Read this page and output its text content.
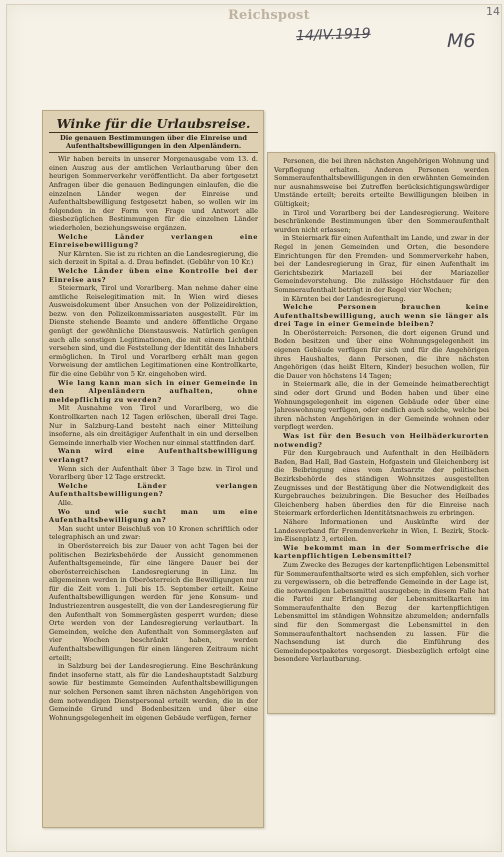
Reichspost	14
14/IV.1919	M6
Winke für die Urlaubsreise.
Die genauen Bestimmungen über die Einreise und Aufenthaltsbewilligungen in den Alpenländern.

Wir haben bereits in unserer Morgenausgabe vom 13. d. einen Auszug aus der amtlichen Verlautbarung über den heurigen Sommerverkehr veröffentlicht. Da aber fortgesetzt Anfragen über die genauen Bedingungen einlaufen, die die einzelnen Länder wegen der Einreise und Aufenthaltsbewilligung festgesetzt haben, so wollen wir im folgenden in der Form von Frage und Antwort alle diesbezüglichen Bestimmungen für die einzelnen Länder wiederholen, beziehungsweise ergänzen.

Welche Länder verlangen eine Einreisebewilligung?

Nur Kärnten. Sie ist zu richten an die Landesregierung, die sich derzeit in Spital a. d. Drau befindet. (Gebühr von 10 Kr.)

Welche Länder üben eine Kontrolle bei der Einreise aus?

Steiermark, Tirol und Vorarlberg. Man nehme daher eine amtliche Reiselegitimation mit. In Wien wird dieses Ausweisdokument über Ansuchen von der Polizeidirektion, bezw. von den Polizeikommissariaten ausgestellt. Für im Dienste stehende Beamte und andere öffentliche Organe genügt der gewöhnliche Dienstausweis. Natürlich genügen auch alle sonstigen Legitimationen, die mit einem Lichtbild versehen sind, und die Feststellung der Identität des Inhabers ermöglichen. In Tirol und Vorarlberg erhält man gegen Vorweisung der amtlichen Legitimationen eine Kontrollkarte, für die eine Gebühr von 5 Kr. eingehoben wird.

Wie lang kann man sich in einer Gemeinde in den Alpenländern aufhalten, ohne meldepflichtig zu werden?

Mit Ausnahme von Tirol und Vorarlberg, wo die Kontrollkarten nach 12 Tagen erlöschen, überall drei Tage. Nur in Salzburg-Land besteht nach einer Mitteilung insoferne, als ein dreitägiger Aufenthalt in ein und derselben Gemeinde innerhalb vier Wochen nur einmal stattfinden darf.

Wann wird eine Aufenthaltsbewilligung verlangt?

Wenn sich der Aufenthalt über 3 Tage bzw. in Tirol und Vorarlberg über 12 Tage erstreckt.

Welche Länder verlangen Aufenthaltsbewilligungen?

Alle.

Wo und wie sucht man um eine Aufenthaltsbewilligung an?

Man sucht unter Beischluß von 10 Kronen schriftlich oder telegraphisch an und zwar:

in Oberösterreich bis zur Dauer von acht Tagen bei der politischen Bezirksbehörde der Aussicht genommenen Aufenthaltsgemeinde, für eine längere Dauer bei der oberösterreichischen Landesregierung in Linz. Im allgemeinen werden in Oberösterreich die Bewilligungen nur für die Zeit vom 1. Juli bis 15. September erteilt. Keine Aufenthaltsbewilligungen werden für jene Konsum- und Industriezentren ausgestellt, die von der Landesregierung für den Aufenthalt von Sommergästen gesperrt wurden; diese Orte werden von der Landesregierung verlautbart. In Gemeinden, welche den Aufenthalt von Sommergästen auf vier Wochen beschränkt haben, werden Aufenthaltsbewilligungen für einen längeren Zeitraum nicht erteilt;

in Salzburg bei der Landesregierung. Eine Beschränkung findet insoferne statt, als für die Landeshauptstadt Salzburg sowie für bestimmte Gemeinden Aufenthaltsbewilligungen nur solchen Personen samt ihren nächsten Angehörigen von dem notwendigen Dienstpersonal erteilt werden, die in der Gemeinde Grund und Bodenbesitzen und über eine Wohnungsgelegenheit im eigenen Gebäude verfügen, ferner

Personen, die bei ihren nächsten Angehörigen Wohnung und Verpflegung erhalten. Anderen Personen werden Sommeraufenthaltsbewilligungen in den erwähnten Gemeinden nur ausnahmsweise bei Zutreffen berücksichtigungswürdiger Umstände erteilt; bereits erteilte Bewilligungen bleiben in Gültigkeit;

in Tirol und Vorarlberg bei der Landesregierung. Weitere beschränkende Bestimmungen über den Sommeraufenthalt wurden nicht erlassen;

in Steiermark für einen Aufenthalt im Lande, und zwar in der Regel in jenen Gemeinden und Orten, die besondere Einrichtungen für den Fremden- und Sommerverkehr haben, bei der Landesregierung in Graz, für einen Aufenthalt im Gerichtsbezirk Mariazell bei der Mariazeller Gemeindevorstehung. Die zulässige Höchstdauer für den Sommeraufenthalt beträgt in der Regel vier Wochen;

in Kärnten bei der Landesregierung.

Welche Personen brauchen keine Aufenthaltsbewilligung, auch wenn sie länger als drei Tage in einer Gemeinde bleiben?

In Oberösterreich: Personen, die dort eigenen Grund und Boden besitzen und über eine Wohnungsgelegenheit im eigenen Gebäude verfügen für sich und für die Angehörigen ihres Haushaltes, dann Personen, die ihre nächsten Angehörigen (das heißt Eltern, Kinder) besuchen wollen, für die Dauer von höchstens 14 Tagen;

in Steiermark alle, die in der Gemeinde heimatberechtigt sind oder dort Grund und Boden haben und über eine Wohnungsgelegenheit im eigenen Gebäude oder über eine Jahreswohnung verfügen, oder endlich auch solche, welche bei ihren nächsten Angehörigen in der Gemeinde wohnen oder verpflegt werden.

Was ist für den Besuch von Heilbäderkurorten notwendig?

Für den Kurgebrauch und Aufenthalt in den Heilbädern Baden, Bad Hall, Bad Gastein, Hofgastein und Gleichenberg ist die Beibringung eines vom Amtsarzte der politischen Bezirksbehörde des ständigen Wohnsitzes ausgestellten Zeugnisses und der Bestätigung über die Notwendigkeit des Kurgebrauches beizubringen. Die Besucher des Heilbades Gleichenberg haben überdies den für die Einreise nach Steiermark erforderlichen Identitätsnachweis zu erbringen.

Nähere Informationen und Auskünfte wird der Landesverband für Fremdenverkehr in Wien, I. Bezirk, Stock-im-Eisenplatz 3, erteilen.

Wie bekommt man in der Sommerfrische die kartenpflichtigen Lebensmittel?

Zum Zwecke des Bezuges der kartenpflichtigen Lebensmittel für Sommeraufenthaltsorte wird es sich empfehlen, sich vorher zu vergewissern, ob die betreffende Gemeinde in der Lage ist, die notwendigen Lebensmittel auszugeben; in diesem Falle hat die Partei zur Erlangung der Lebensmittelkarten im Sommeraufenthalte den Bezug der kartenpflichtigen Lebensmittel im ständigen Wohnsitze abzumelden; andernfalls sind für den Sommergast die Lebensmittel in den Sommeraufenthaltort nachsenden zu lassen. Für die Nachsendung ist durch die Einführung des Gemeindepostpaketes vorgesorgt. Diesbezüglich erfolgt eine besondere Verlautbarung.
